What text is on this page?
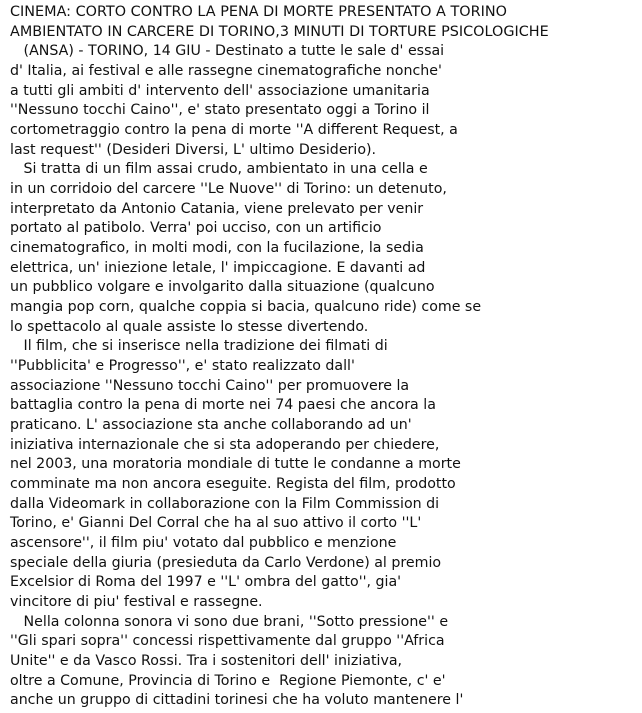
CINEMA: CORTO CONTRO LA PENA DI MORTE PRESENTATO A TORINO
AMBIENTATO IN CARCERE DI TORINO,3 MINUTI DI TORTURE PSICOLOGICHE
(ANSA) - TORINO, 14 GIU - Destinato a tutte le sale d' essai
d' Italia, ai festival e alle rassegne cinematografiche nonche'
a tutti gli ambiti d' intervento dell' associazione umanitaria
''Nessuno tocchi Caino'', e' stato presentato oggi a Torino il
cortometraggio contro la pena di morte ''A different Request, a
last request'' (Desideri Diversi, L' ultimo Desiderio).
Si tratta di un film assai crudo, ambientato in una cella e
in un corridoio del carcere ''Le Nuove'' di Torino: un detenuto,
interpretato da Antonio Catania, viene prelevato per venir
portato al patibolo. Verra' poi ucciso, con un artificio
cinematografico, in molti modi, con la fucilazione, la sedia
elettrica, un' iniezione letale, l' impiccagione. E davanti ad
un pubblico volgare e involgarito dalla situazione (qualcuno
mangia pop corn, qualche coppia si bacia, qualcuno ride) come se
lo spettacolo al quale assiste lo stesse divertendo.
Il film, che si inserisce nella tradizione dei filmati di
''Pubblicita' e Progresso'', e' stato realizzato dall'
associazione ''Nessuno tocchi Caino'' per promuovere la
battaglia contro la pena di morte nei 74 paesi che ancora la
praticano. L' associazione sta anche collaborando ad un'
iniziativa internazionale che si sta adoperando per chiedere,
nel 2003, una moratoria mondiale di tutte le condanne a morte
comminate ma non ancora eseguite. Regista del film, prodotto
dalla Videomark in collaborazione con la Film Commission di
Torino, e' Gianni Del Corral che ha al suo attivo il corto ''L'
ascensore'', il film piu' votato dal pubblico e menzione
speciale della giuria (presieduta da Carlo Verdone) al premio
Excelsior di Roma del 1997 e ''L' ombra del gatto'', gia'
vincitore di piu' festival e rassegne.
Nella colonna sonora vi sono due brani, ''Sotto pressione'' e
''Gli spari sopra'' concessi rispettivamente dal gruppo ''Africa
Unite'' e da Vasco Rossi. Tra i sostenitori dell' iniziativa,
oltre a Comune, Provincia di Torino e  Regione Piemonte, c' e'
anche un gruppo di cittadini torinesi che ha voluto mantenere l'
